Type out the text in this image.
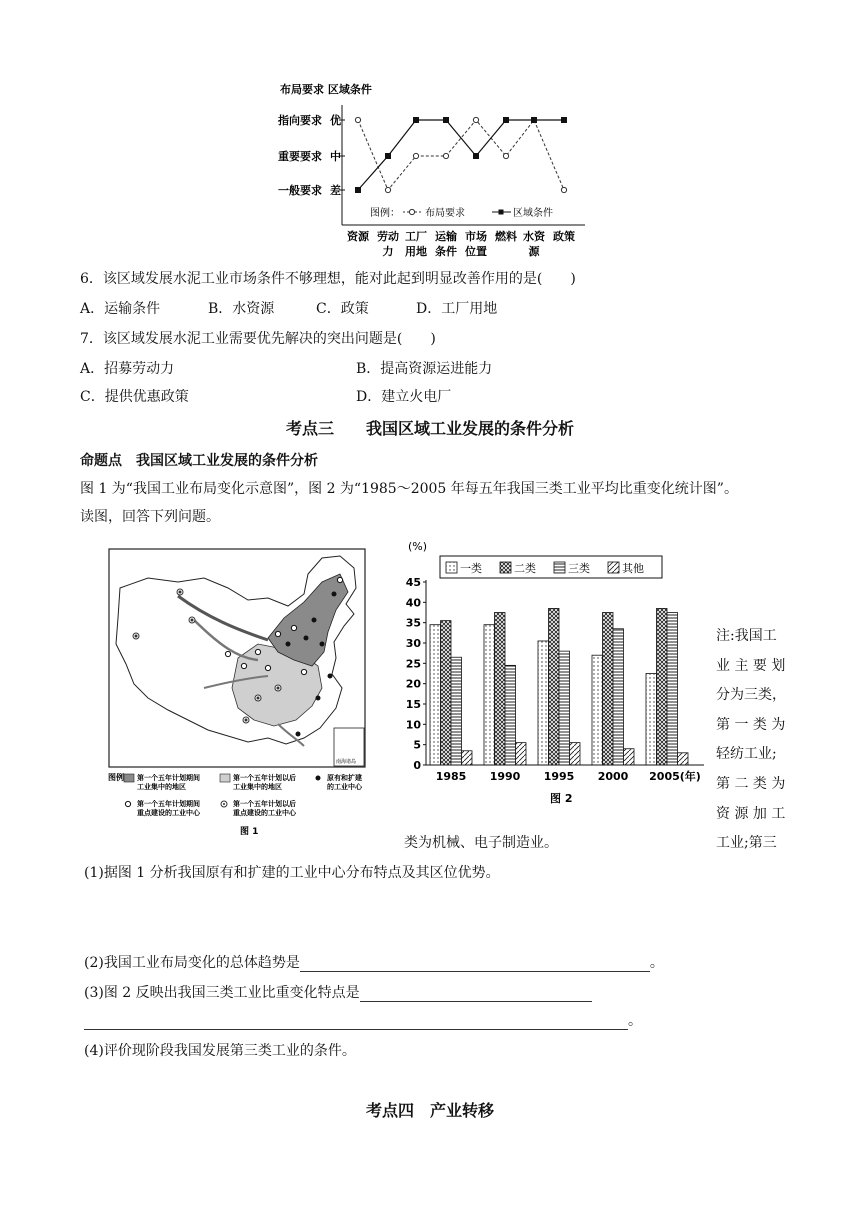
布局要求 区域条件
指向要求
重要要求
一般要求
优
中
差
资源 劳动
力
工厂
用地
运输
条件
市场
位置
燃料 水资
源
政策
图例：	布局要求	区域条件
6．该区域发展水泥工业市场条件不够理想，能对此起到明显改善作用的是(　　)
A．运输条件	B．水资源	C．政策	D．工厂用地
7．该区域发展水泥工业需要优先解决的突出问题是(　　)
A．招募劳动力	B．提高资源运进能力
C．提供优惠政策	D．建立火电厂
考点三　　我国区域工业发展的条件分析
命题点　我国区域工业发展的条件分析
图 1 为“我国工业布局变化示意图”，图 2 为“1985～2005 年每五年我国三类工业平均比重变化统计图”。
读图，回答下列问题。
南海诸岛
图例 第一个五年计划期间
工业集中的地区
第一个五年计划以后
工业集中的地区
原有和扩建
的工业中心
第一个五年计划期间
重点建设的工业中心
第一个五年计划以后
重点建设的工业中心
图 1
(%)
一类	二类	三类	其他
0
5
10
15
20
25
30
35
40
45
1985 1990 1995 2000 2005(年)
图 2
注:我国工
业 主 要 划
分为三类，
第 一 类 为
轻纺工业;
第 二 类 为
资 源 加 工
工业;第三
类为机械、电子制造业。
(1)据图 1 分析我国原有和扩建的工业中心分布特点及其区位优势。
(2)我国工业布局变化的总体趋势是	。
(3)图 2 反映出我国三类工业比重变化特点是
。
(4)评价现阶段我国发展第三类工业的条件。
考点四　产业转移
